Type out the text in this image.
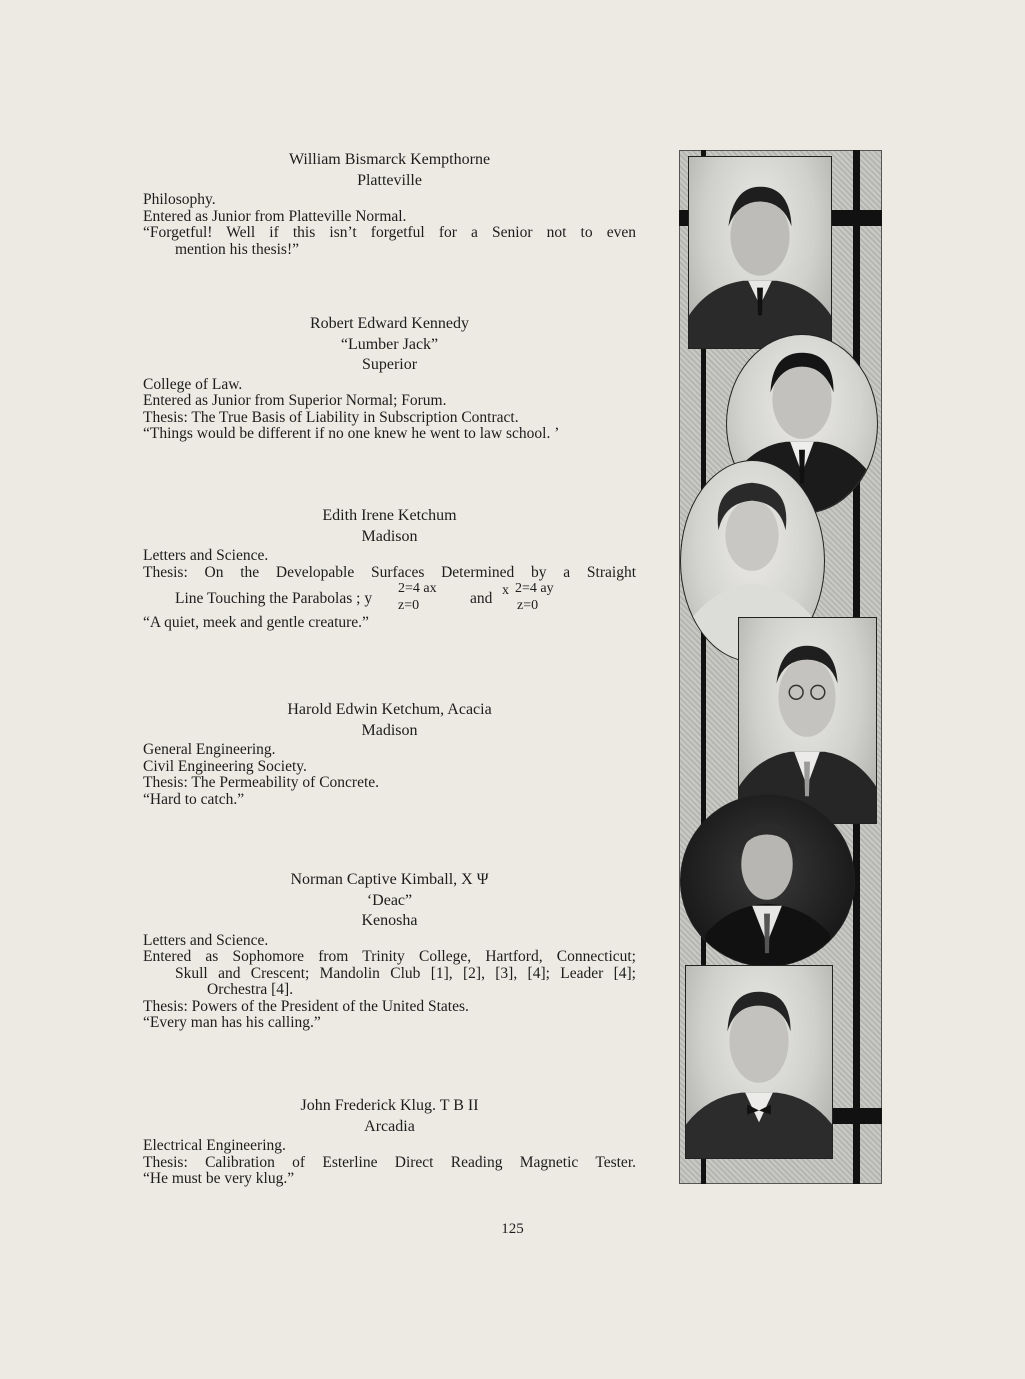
William Bismarck Kempthorne
Platteville
Philosophy.
Entered as Junior from Platteville Normal.
“Forgetful! Well if this isn’t forgetful for a Senior not to even
mention his thesis!”
Robert Edward Kennedy
“Lumber Jack”
Superior
College of Law.
Entered as Junior from Superior Normal; Forum.
Thesis: The True Basis of Liability in Subscription Contract.
“Things would be different if no one knew he went to law school. ’
Edith Irene Ketchum
Madison
Letters and Science.
Thesis: On the Developable Surfaces Determined by a Straight
Line Touching the Parabolas ; y
2=4 ax
z=0	and x 2=4 ay
z=0
“A quiet, meek and gentle creature.”
Harold Edwin Ketchum, Acacia
Madison
General Engineering.
Civil Engineering Society.
Thesis: The Permeability of Concrete.
“Hard to catch.”
Norman Captive Kimball, X Ψ
‘Deac”
Kenosha
Letters and Science.
Entered as Sophomore from Trinity College, Hartford, Connecticut;
Skull and Crescent; Mandolin Club [1], [2], [3], [4]; Leader [4];
Orchestra [4].
Thesis: Powers of the President of the United States.
“Every man has his calling.”
John Frederick Klug. T B II
Arcadia
Electrical Engineering.
Thesis: Calibration of Esterline Direct Reading Magnetic Tester.
“He must be very klug.”
125
